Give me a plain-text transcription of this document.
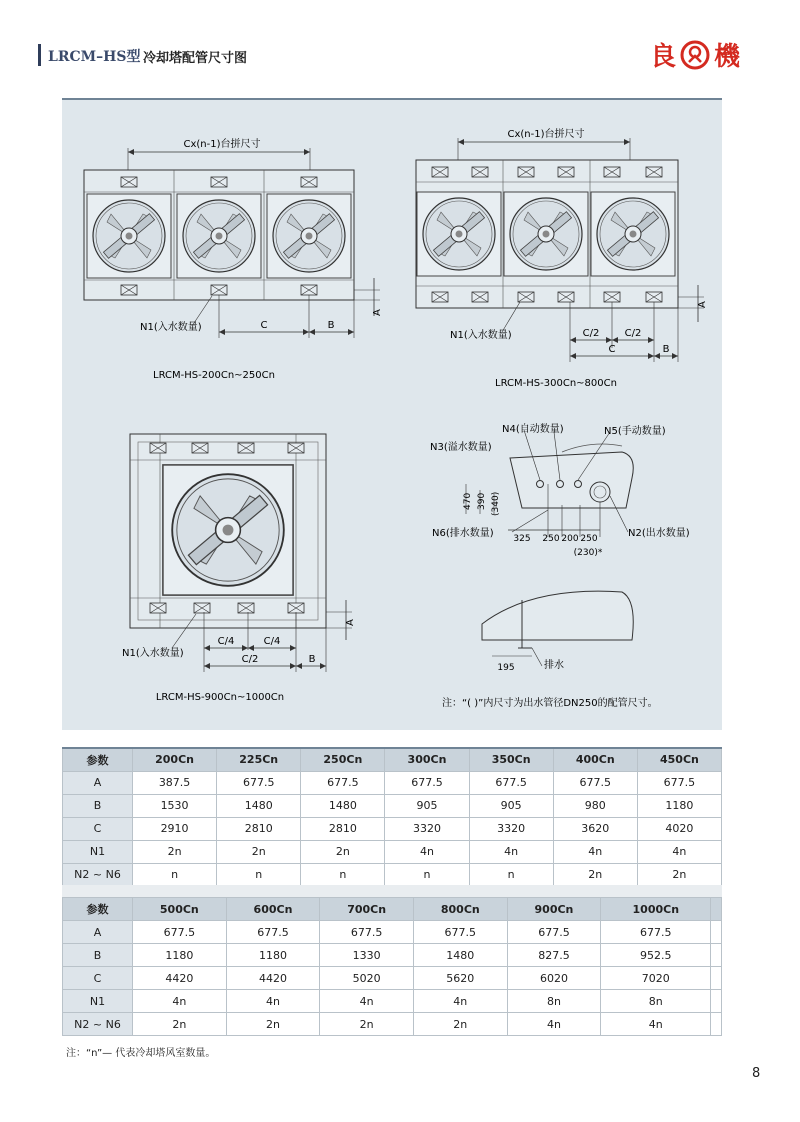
LRCM–HS型 冷却塔配管尺寸图	良 機
Cx(n-1)台拼尺寸
C	B
A
N1(入水数量)
LRCM-HS-200Cn~250Cn
Cx(n-1)台拼尺寸
C/2	C/2
C	B
A
N1(入水数量)
LRCM-HS-300Cn~800Cn
C/4	C/4
C/2	B
A
N1(入水数量)
LRCM-HS-900Cn~1000Cn
325 250 200 250
(230)*
470 390 (340)
N4(自动数量)	N5(手动数量)
N3(溢水数量)
N6(排水数量)	N2(出水数量)
195	排水
注：“( )”内尺寸为出水管径DN250的配管尺寸。
参数	200Cn	225Cn	250Cn	300Cn	350Cn	400Cn	450Cn
A	387.5	677.5	677.5	677.5	677.5	677.5	677.5
B	1530	1480	1480	905	905	980	1180
C	2910	2810	2810	3320	3320	3620	4020
N1	2n	2n	2n	4n	4n	4n	4n
N2 ~ N6	n	n	n	n	n	2n	2n
参数	500Cn	600Cn	700Cn	800Cn	900Cn	1000Cn	
A	677.5	677.5	677.5	677.5	677.5	677.5	
B	1180	1180	1330	1480	827.5	952.5	
C	4420	4420	5020	5620	6020	7020	
N1	4n	4n	4n	4n	8n	8n	
N2 ~ N6	2n	2n	2n	2n	4n	4n	
注：“n”— 代表冷却塔风室数量。
8
